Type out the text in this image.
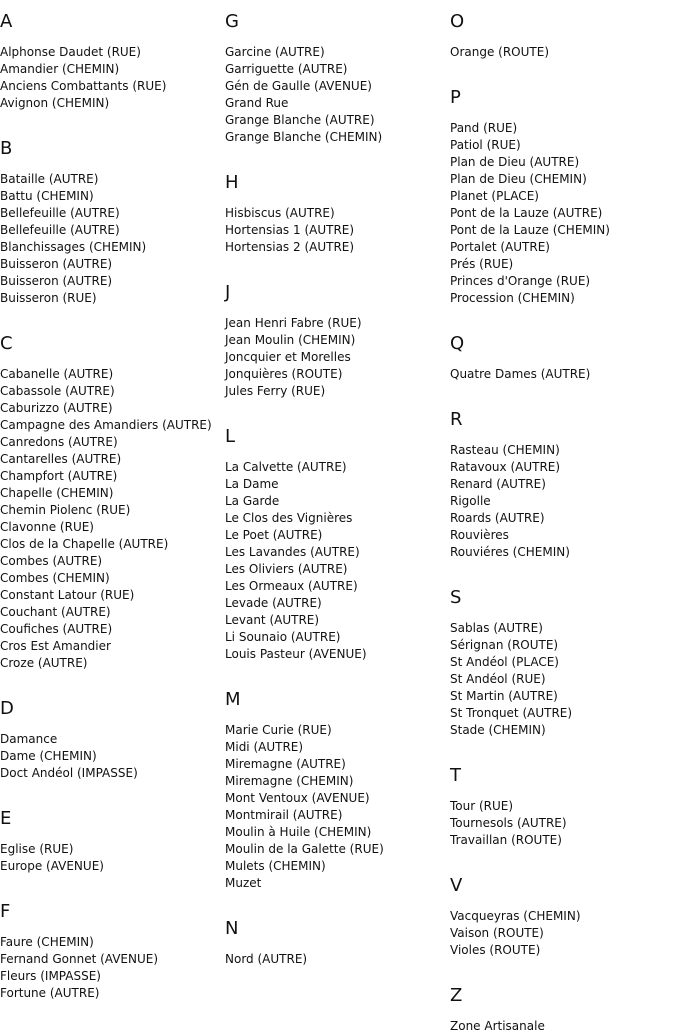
A
Alphonse Daudet (RUE)
Amandier (CHEMIN)
Anciens Combattants (RUE)
Avignon (CHEMIN)
B
Bataille (AUTRE)
Battu (CHEMIN)
Bellefeuille (AUTRE)
Bellefeuille (AUTRE)
Blanchissages (CHEMIN)
Buisseron (AUTRE)
Buisseron (AUTRE)
Buisseron (RUE)
C
Cabanelle (AUTRE)
Cabassole (AUTRE)
Caburizzo (AUTRE)
Campagne des Amandiers (AUTRE)
Canredons (AUTRE)
Cantarelles (AUTRE)
Champfort (AUTRE)
Chapelle (CHEMIN)
Chemin Piolenc (RUE)
Clavonne (RUE)
Clos de la Chapelle (AUTRE)
Combes (AUTRE)
Combes (CHEMIN)
Constant Latour (RUE)
Couchant (AUTRE)
Coufiches (AUTRE)
Cros Est Amandier
Croze (AUTRE)
D
Damance
Dame (CHEMIN)
Doct Andéol (IMPASSE)
E
Eglise (RUE)
Europe (AVENUE)
F
Faure (CHEMIN)
Fernand Gonnet (AVENUE)
Fleurs (IMPASSE)
Fortune (AUTRE)
G
Garcine (AUTRE)
Garriguette (AUTRE)
Gén de Gaulle (AVENUE)
Grand Rue
Grange Blanche (AUTRE)
Grange Blanche (CHEMIN)
H
Hisbiscus (AUTRE)
Hortensias 1 (AUTRE)
Hortensias 2 (AUTRE)
J
Jean Henri Fabre (RUE)
Jean Moulin (CHEMIN)
Joncquier et Morelles
Jonquières (ROUTE)
Jules Ferry (RUE)
L
La Calvette (AUTRE)
La Dame
La Garde
Le Clos des Vignières
Le Poet (AUTRE)
Les Lavandes (AUTRE)
Les Oliviers (AUTRE)
Les Ormeaux (AUTRE)
Levade (AUTRE)
Levant (AUTRE)
Li Sounaio (AUTRE)
Louis Pasteur (AVENUE)
M
Marie Curie (RUE)
Midi (AUTRE)
Miremagne (AUTRE)
Miremagne (CHEMIN)
Mont Ventoux (AVENUE)
Montmirail (AUTRE)
Moulin à Huile (CHEMIN)
Moulin de la Galette (RUE)
Mulets (CHEMIN)
Muzet
N
Nord (AUTRE)
O
Orange (ROUTE)
P
Pand (RUE)
Patiol (RUE)
Plan de Dieu (AUTRE)
Plan de Dieu (CHEMIN)
Planet (PLACE)
Pont de la Lauze (AUTRE)
Pont de la Lauze (CHEMIN)
Portalet (AUTRE)
Prés (RUE)
Princes d'Orange (RUE)
Procession (CHEMIN)
Q
Quatre Dames (AUTRE)
R
Rasteau (CHEMIN)
Ratavoux (AUTRE)
Renard (AUTRE)
Rigolle
Roards (AUTRE)
Rouvières
Rouviéres (CHEMIN)
S
Sablas (AUTRE)
Sérignan (ROUTE)
St Andéol (PLACE)
St Andéol (RUE)
St Martin (AUTRE)
St Tronquet (AUTRE)
Stade (CHEMIN)
T
Tour (RUE)
Tournesols (AUTRE)
Travaillan (ROUTE)
V
Vacqueyras (CHEMIN)
Vaison (ROUTE)
Violes (ROUTE)
Z
Zone Artisanale
